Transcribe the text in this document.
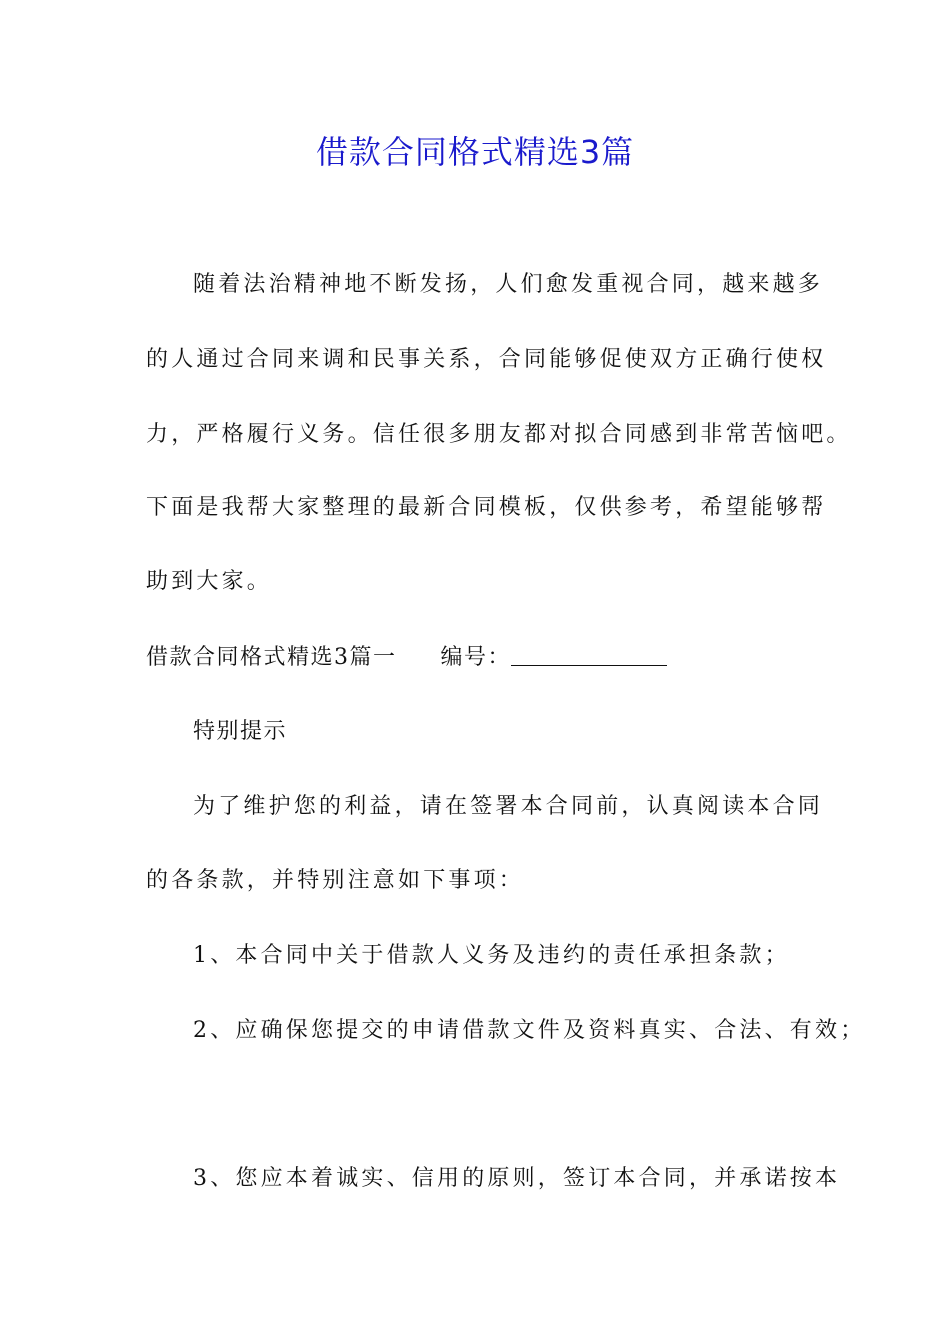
借款合同格式精选3篇
随着法治精神地不断发扬，人们愈发重视合同，越来越多
的人通过合同来调和民事关系，合同能够促使双方正确行使权
力，严格履行义务。信任很多朋友都对拟合同感到非常苦恼吧。
下面是我帮大家整理的最新合同模板，仅供参考，希望能够帮
助到大家。
借款合同格式精选3篇一 编号：
特别提示
为了维护您的利益，请在签署本合同前，认真阅读本合同
的各条款，并特别注意如下事项：
1、本合同中关于借款人义务及违约的责任承担条款；
2、应确保您提交的申请借款文件及资料真实、合法、有效；
3、您应本着诚实、信用的原则，签订本合同，并承诺按本
